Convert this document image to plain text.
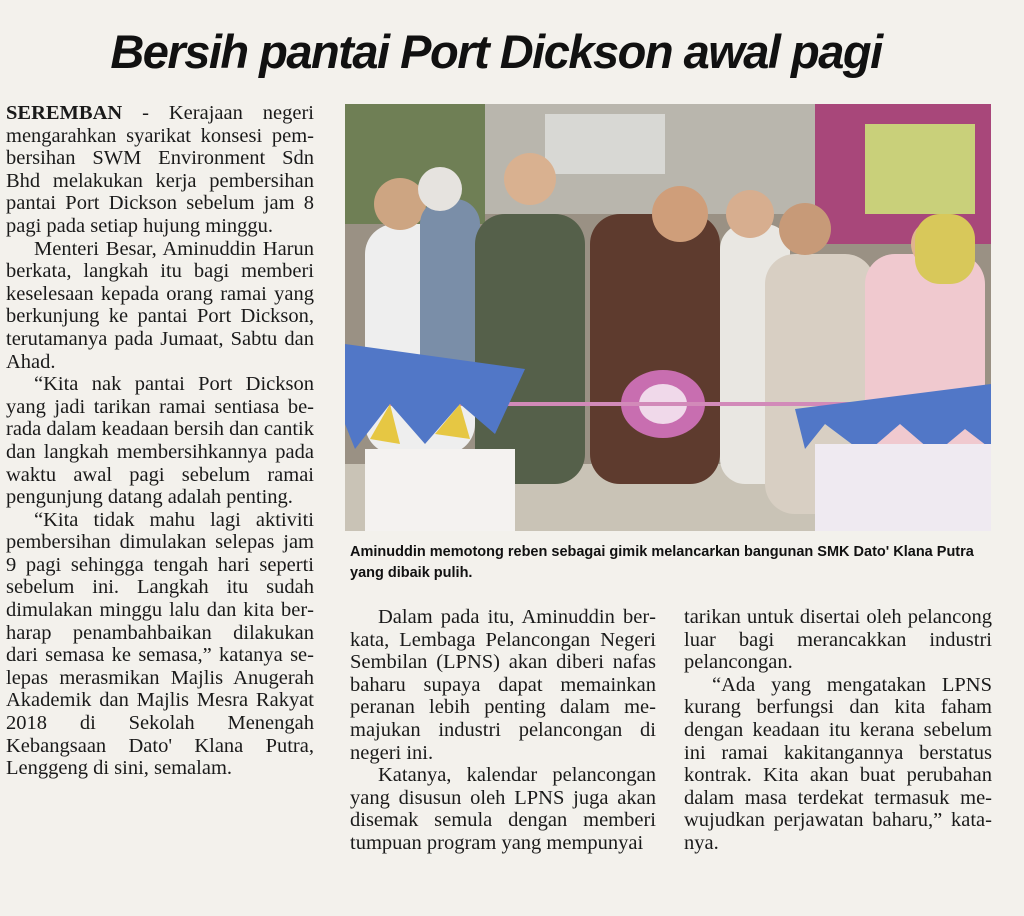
Bersih pantai Port Dickson awal pagi

SEREMBAN - Kerajaan negeri mengarahkan syarikat konsesi pembersihan SWM Environment Sdn Bhd melakukan kerja pembersihan pantai Port Dickson sebelum jam 8 pagi pada setiap hujung minggu.

Menteri Besar, Aminuddin Harun berkata, langkah itu bagi memberi keselesaan kepada orang ramai yang berkunjung ke pantai Port Dickson, terutamanya pada Jumaat, Sabtu dan Ahad.

“Kita nak pantai Port Dickson yang jadi tarikan ramai sentiasa berada dalam keadaan bersih dan cantik dan langkah membersihkannya pada waktu awal pagi sebelum ramai pengunjung datang adalah penting.

“Kita tidak mahu lagi aktiviti pembersihan dimulakan selepas jam 9 pagi sehingga tengah hari seperti sebelum ini. Langkah itu sudah dimulakan minggu lalu dan kita berharap penambahbaikan dilakukan dari semasa ke semasa,” katanya selepas merasmikan Majlis Anugerah Akademik dan Majlis Mesra Rakyat 2018 di Sekolah Menengah Kebangsaan Dato' Klana Putra, Lenggeng di sini, semalam.

Aminuddin memotong reben sebagai gimik melancarkan bangunan SMK Dato' Klana Putra yang dibaik pulih.

Dalam pada itu, Aminuddin berkata, Lembaga Pelancongan Negeri Sembilan (LPNS) akan diberi nafas baharu supaya dapat memainkan peranan lebih penting dalam memajukan industri pelancongan di negeri ini.

Katanya, kalendar pelancongan yang disusun oleh LPNS juga akan disemak semula dengan memberi tumpuan program yang mempunyai

tarikan untuk disertai oleh pelancong luar bagi merancakkan industri pelancongan.

“Ada yang mengatakan LPNS kurang berfungsi dan kita faham dengan keadaan itu kerana sebelum ini ramai kakitangannya berstatus kontrak. Kita akan buat perubahan dalam masa terdekat termasuk mewujudkan perjawatan baharu,” katanya.
